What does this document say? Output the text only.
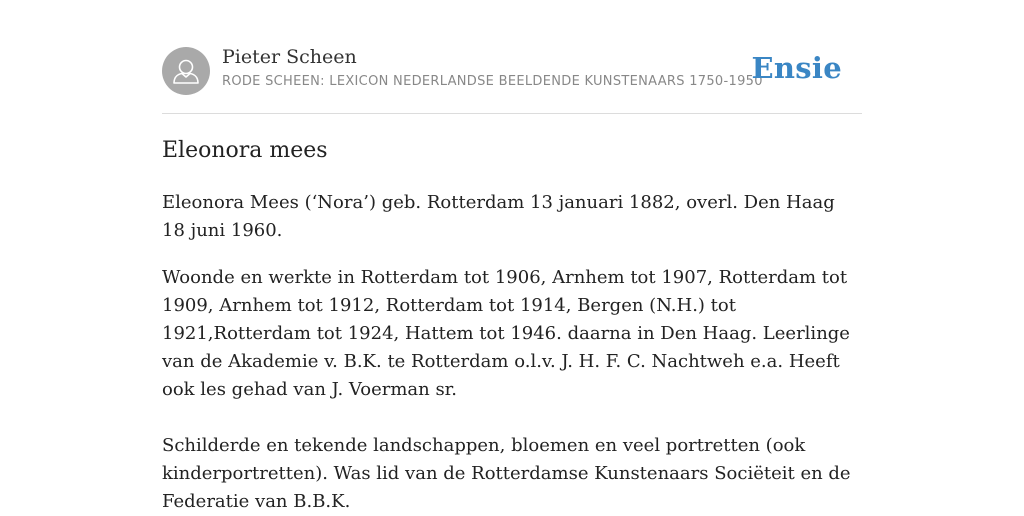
Pieter Scheen
RODE SCHEEN: LEXICON NEDERLANDSE BEELDENDE KUNSTENAARS 1750-1950
Ensie
Eleonora mees

Eleonora Mees (‘Nora’) geb. Rotterdam 13 januari 1882, overl. Den Haag 18 juni 1960.

Woonde en werkte in Rotterdam tot 1906, Arnhem tot 1907, Rotterdam tot 1909, Arnhem tot 1912, Rotterdam tot 1914, Bergen (N.H.) tot 1921,Rotterdam tot 1924, Hattem tot 1946. daarna in Den Haag. Leerlinge van de Akademie v. B.K. te Rotterdam o.l.v. J. H. F. C. Nachtweh e.a. Heeft ook les gehad van J. Voerman sr.

Schilderde en tekende landschappen, bloemen en veel portretten (ook kinderportretten). Was lid van de Rotterdamse Kunstenaars Sociëteit en de Federatie van B.B.K.
